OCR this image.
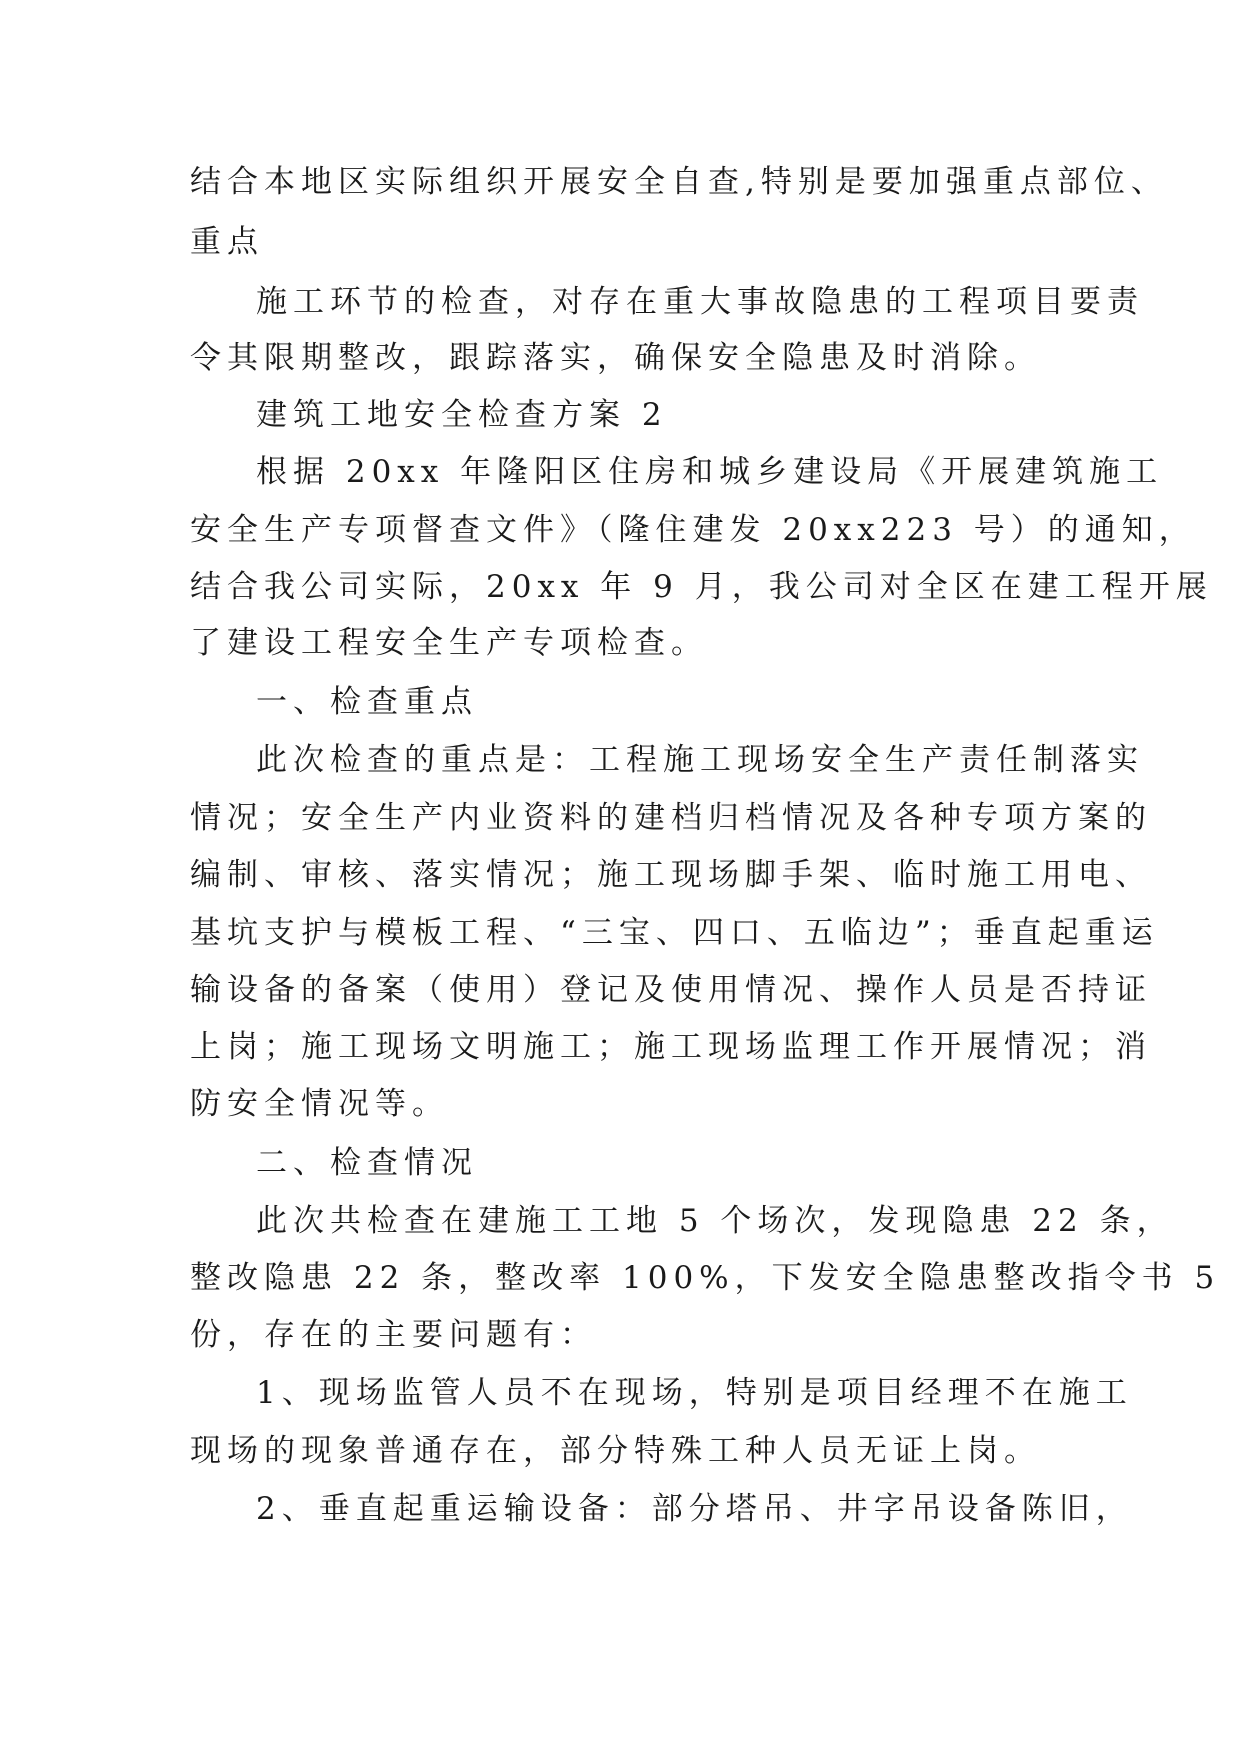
结合本地区实际组织开展安全自查,特别是要加强重点部位、
重点
施工环节的检查，对存在重大事故隐患的工程项目要责
令其限期整改，跟踪落实，确保安全隐患及时消除。
建筑工地安全检查方案 2
根据 20xx 年隆阳区住房和城乡建设局《开展建筑施工
安全生产专项督查文件》（隆住建发 20xx223 号）的通知，
结合我公司实际，20xx 年 9 月，我公司对全区在建工程开展
了建设工程安全生产专项检查。
一、检查重点
此次检查的重点是：工程施工现场安全生产责任制落实
情况；安全生产内业资料的建档归档情况及各种专项方案的
编制、审核、落实情况；施工现场脚手架、临时施工用电、
基坑支护与模板工程、“三宝、四口、五临边”；垂直起重运
输设备的备案（使用）登记及使用情况、操作人员是否持证
上岗；施工现场文明施工；施工现场监理工作开展情况；消
防安全情况等。
二、检查情况
此次共检查在建施工工地 5 个场次，发现隐患 22 条，
整改隐患 22 条，整改率 100%，下发安全隐患整改指令书 5
份，存在的主要问题有：
1、现场监管人员不在现场，特别是项目经理不在施工
现场的现象普通存在，部分特殊工种人员无证上岗。
2、垂直起重运输设备：部分塔吊、井字吊设备陈旧，
